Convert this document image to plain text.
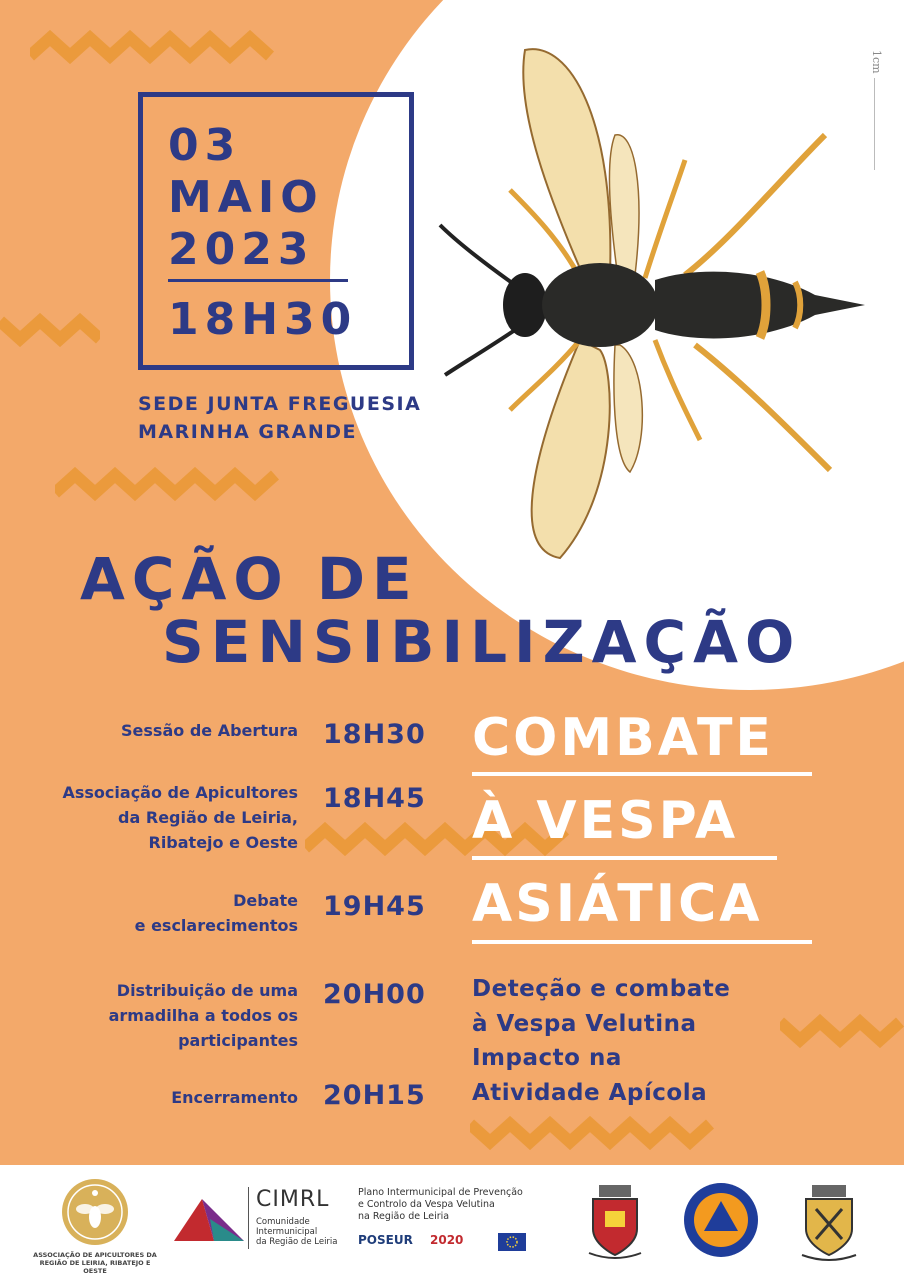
03
MAIO
2023
18H30
SEDE JUNTA FREGUESIA
MARINHA GRANDE
1cm
AÇÃO DE
SENSIBILIZAÇÃO
Sessão de Abertura 18H30
Associação de Apicultores
da Região de Leiria,
Ribatejo e Oeste
18H45
Debate
e esclarecimentos
19H45
Distribuição de uma
armadilha a todos os
participantes
20H00
Encerramento 20H15
COMBATE
À VESPA
ASIÁTICA
Deteção e combate
à Vespa Velutina
Impacto na
Atividade Apícola
ASSOCIAÇÃO DE APICULTORES DA
REGIÃO DE LEIRIA, RIBATEJO E OESTE
CIMRL
Comunidade
Intermunicipal
da Região de Leiria
Plano Intermunicipal de Prevenção
e Controlo da Vespa Velutina
na Região de Leiria
POSEUR 2020
